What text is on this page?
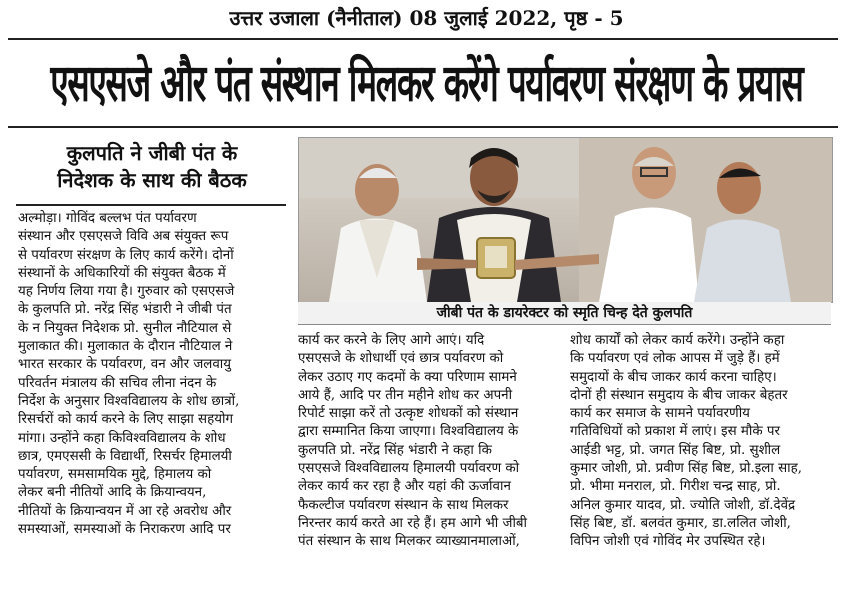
उत्तर उजाला (नैनीताल) 08 जुलाई 2022, पृष्ठ - 5
एसएसजे और पंत संस्थान मिलकर करेंगे पर्यावरण संरक्षण के प्रयास
कुलपति ने जीबी पंत के
निदेशक के साथ की बैठक
अल्मोड़ा। गोविंद बल्लभ पंत पर्यावरण
संस्थान और एसएसजे विवि अब संयुक्त रूप
से पर्यावरण संरक्षण के लिए कार्य करेंगे। दोनों
संस्थानों के अधिकारियों की संयुक्त बैठक में
यह निर्णय लिया गया है। गुरुवार को एसएसजे
के कुलपति प्रो. नरेंद्र सिंह भंडारी ने जीबी पंत
के न नियुक्त निदेशक प्रो. सुनील नौटियाल से
मुलाकात की। मुलाकात के दौरान नौटियाल ने
भारत सरकार के पर्यावरण, वन और जलवायु
परिवर्तन मंत्रालय की सचिव लीना नंदन के
निर्देश के अनुसार विश्वविद्यालय के शोध छात्रों,
रिसर्चरों को कार्य करने के लिए साझा सहयोग
मांगा। उन्होंने कहा किविश्वविद्यालय के शोध
छात्र, एमएससी के विद्यार्थी, रिसर्चर हिमालयी
पर्यावरण, समसामयिक मुद्दे, हिमालय को
लेकर बनी नीतियों आदि के क्रियान्वयन,
नीतियों के क्रियान्वयन में आ रहे अवरोध और
समस्याओं, समस्याओं के निराकरण आदि पर
जीबी पंत के डायरेक्टर को स्मृति चिन्ह देते कुलपति
कार्य कर करने के लिए आगे आएं। यदि
एसएसजे के शोधार्थी एवं छात्र पर्यावरण को
लेकर उठाए गए कदमों के क्या परिणाम सामने
आये हैं, आदि पर तीन महीने शोध कर अपनी
रिपोर्ट साझा करें तो उत्कृष्ट शोधकों को संस्थान
द्वारा सम्मानित किया जाएगा। विश्वविद्यालय के
कुलपति प्रो. नरेंद्र सिंह भंडारी ने कहा कि
एसएसजे विश्वविद्यालय हिमालयी पर्यावरण को
लेकर कार्य कर रहा है और यहां की ऊर्जावान
फैकल्टीज पर्यावरण संस्थान के साथ मिलकर
निरन्तर कार्य करते आ रहे हैं। हम आगे भी जीबी
पंत संस्थान के साथ मिलकर व्याख्यानमालाओं,
शोध कार्यों को लेकर कार्य करेंगे। उन्होंने कहा
कि पर्यावरण एवं लोक आपस में जुड़े हैं। हमें
समुदायों के बीच जाकर कार्य करना चाहिए।
दोनों ही संस्थान समुदाय के बीच जाकर बेहतर
कार्य कर समाज के सामने पर्यावरणीय
गतिविधियों को प्रकाश में लाएं। इस मौके पर
आईडी भट्ट, प्रो. जगत सिंह बिष्ट, प्रो. सुशील
कुमार जोशी, प्रो. प्रवीण सिंह बिष्ट, प्रो.इला साह,
प्रो. भीमा मनराल, प्रो. गिरीश चन्द्र साह, प्रो.
अनिल कुमार यादव, प्रो. ज्योति जोशी, डॉ.देवेंद्र
सिंह बिष्ट, डॉ. बलवंत कुमार, डा.ललित जोशी,
विपिन जोशी एवं गोविंद मेर उपस्थित रहे।
